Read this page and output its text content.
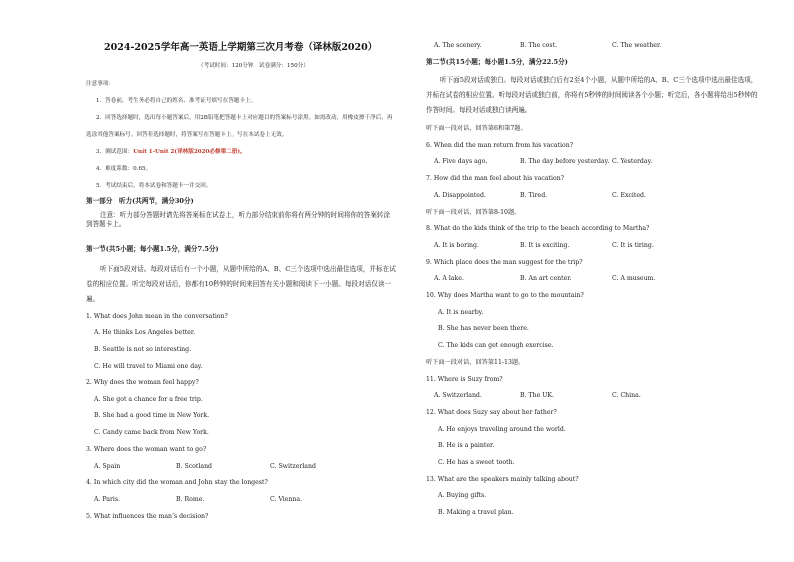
2024-2025学年高一英语上学期第三次月考卷（译林版2020）
（考试时间：120分钟　试卷满分：150分）
注意事项：
1．答卷前，考生务必将自己的姓名、准考证号填写在答题卡上。
2．回答选择题时，选出每小题答案后，用2B铅笔把答题卡上对应题目的答案标号涂黑。如需改动，用橡皮擦干净后，再
选涂其他答案标号。回答非选择题时，将答案写在答题卡上。写在本试卷上无效。
3．测试范围：Unit 1-Unit 2(译林版2020必修第二册)。
4．难度系数：0.65。
5．考试结束后，将本试卷和答题卡一并交回。
第一部分　听力(共两节，满分30分)
注意：听力部分答题时请先将答案标在试卷上，听力部分结束前你将有两分钟的时间将你的答案转涂到答题卡上。
第一节(共5小题；每小题1.5分，满分7.5分)
听下面5段对话。每段对话后有一个小题，从题中所给的A、B、C三个选项中选出最佳选项，并标在试卷的相应位置。听完每段对话后，你都有10秒钟的时间来回答有关小题和阅读下一小题。每段对话仅读一遍。
1. What does John mean in the conversation?
A. He thinks Los Angeles better.
B. Seattle is not so interesting.
C. He will travel to Miami one day.
2. Why does the woman feel happy?
A. She got a chance for a free trip.
B. She had a good time in New York.
C. Candy came back from New York.
3. Where does the woman want to go?
A. Spain	B. Scotland	C. Switzerland
4. In which city did the woman and John stay the longest?
A. Paris.	B. Rome.	C. Vienna.
5. What influences the man’s decision?
A. The scenery.	B. The cost.	C. The weather.
第二节(共15小题；每小题1.5分，满分22.5分)
听下面5段对话或独白。每段对话或独白后有2至4个小题，从题中所给的A、B、C三个选项中选出最佳选项，并标在试卷的相应位置。听每段对话或独白前，你将有5秒钟的时间阅读各个小题；听完后，各小题将给出5秒钟的作答时间。每段对话或独白读两遍。
听下面一段对话，回答第6和第7题。
6. When did the man return from his vacation?
A. Five days ago.	B. The day before yesterday. C. Yesterday.
7. How did the man feel about his vacation?
A. Disappointed.	B. Tired.	C. Excited.
听下面一段对话，回答第8-10题。
8. What do the kids think of the trip to the beach according to Martha?
A. It is boring.	B. It is exciting.	C. It is tiring.
9. Which place does the man suggest for the trip?
A. A lake.	B. An art center.	C. A museum.
10. Why does Martha want to go to the mountain?
A. It is nearby.
B. She has never been there.
C. The kids can get enough exercise.
听下面一段对话，回答第11-13题。
11. Where is Suzy from?
A. Switzerland.	B. The UK.	C. China.
12. What does Suzy say about her father?
A. He enjoys traveling around the world.
B. He is a painter.
C. He has a sweet tooth.
13. What are the speakers mainly talking about?
A. Buying gifts.
B. Making a travel plan.
